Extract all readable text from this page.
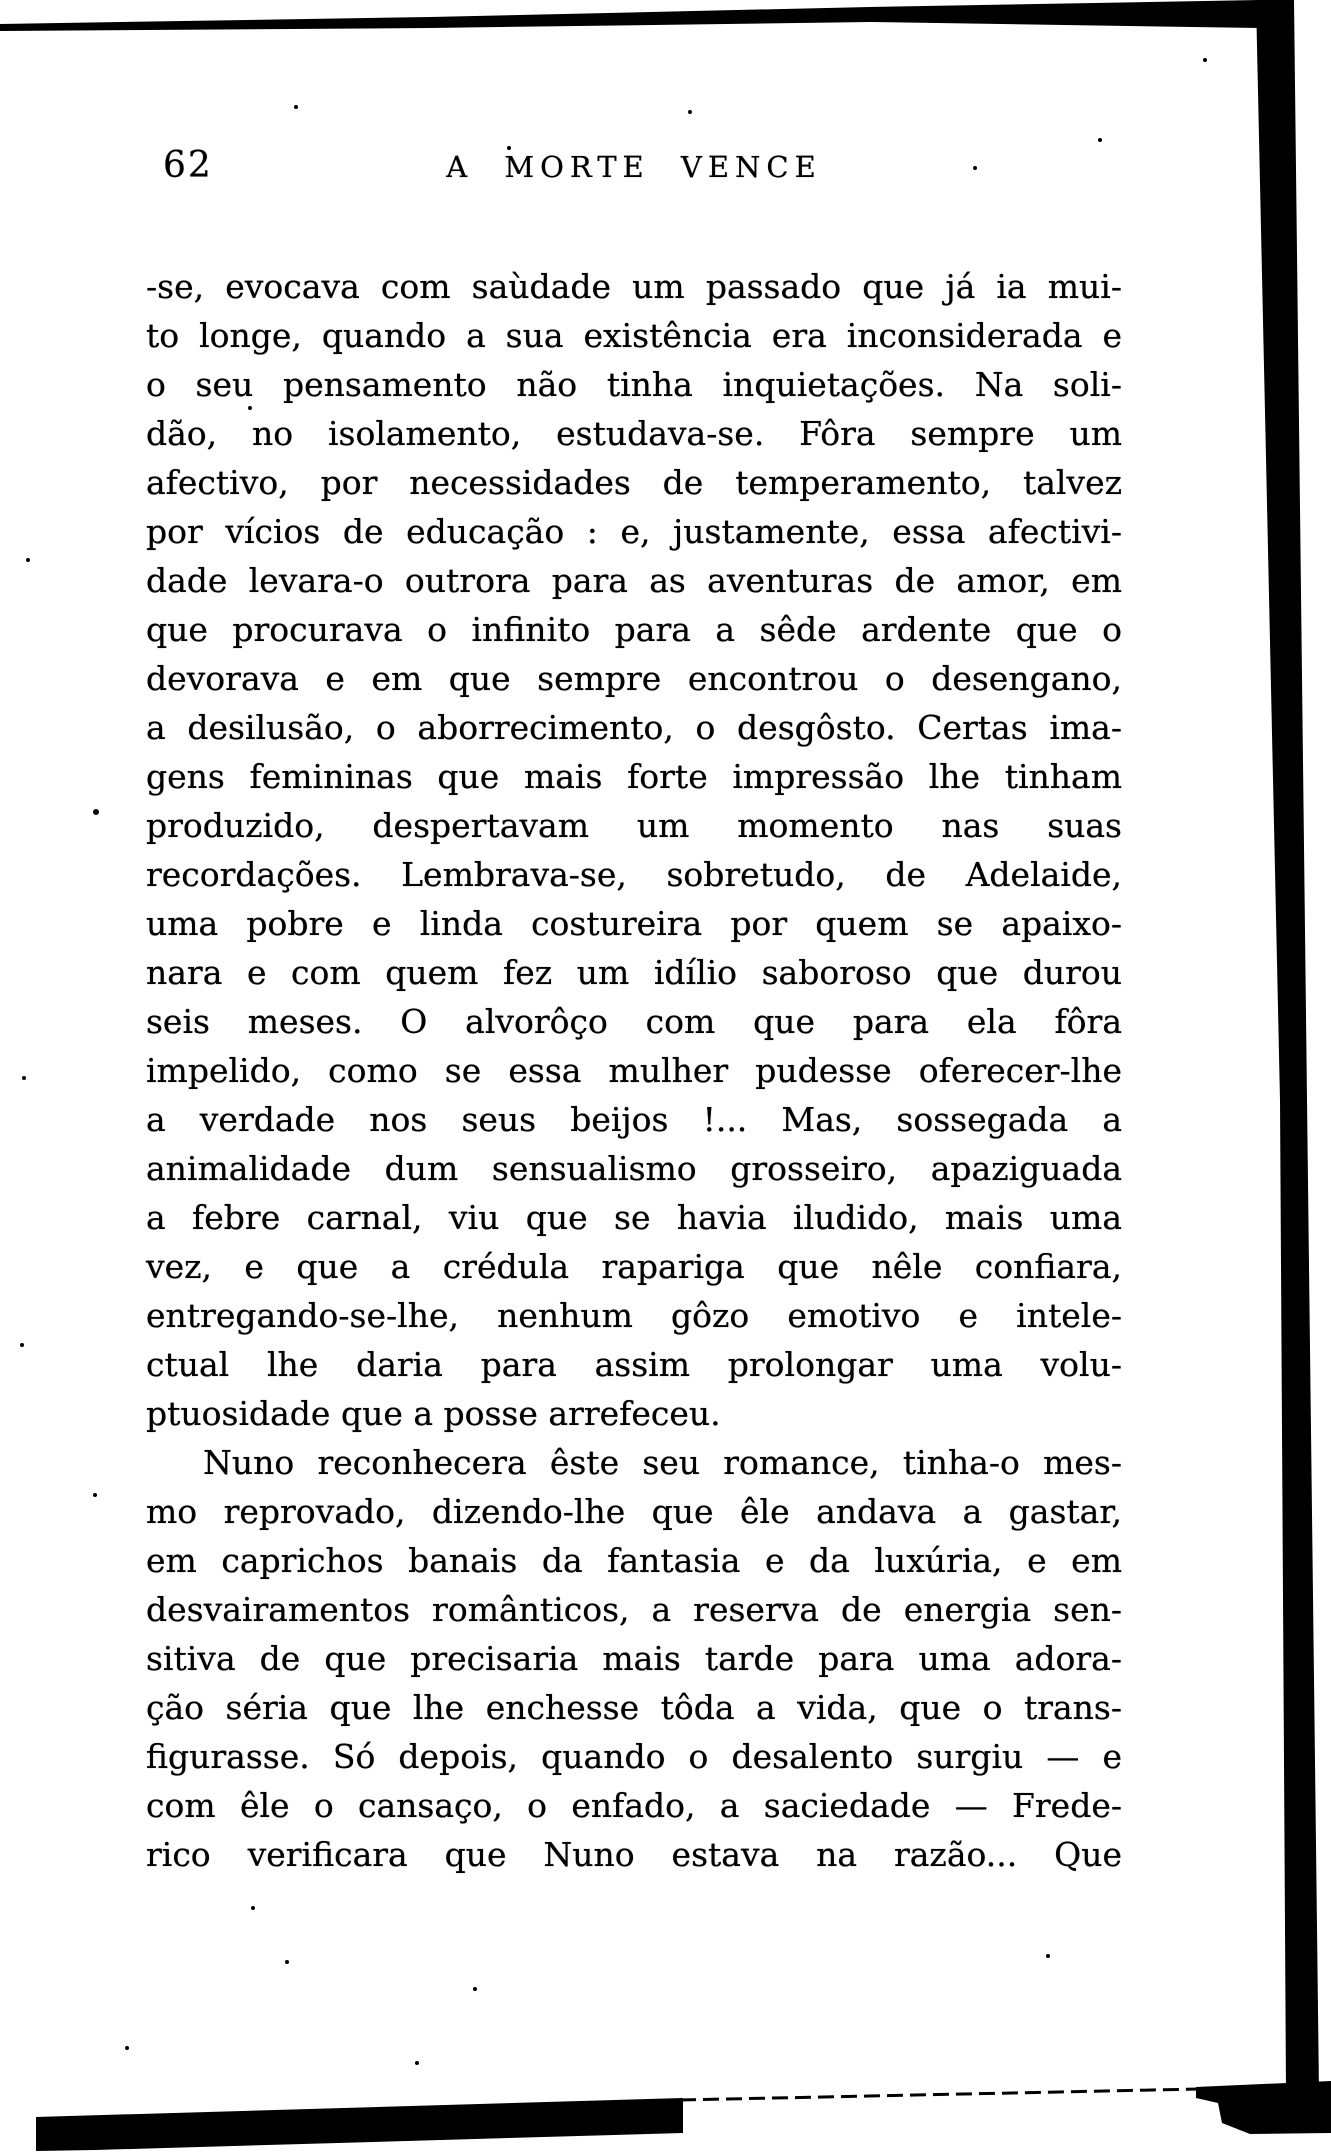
62	A MORTE VENCE
-se, evocava com saùdade um passado que já ia mui-
to longe, quando a sua existência era inconsiderada e
o seu pensamento não tinha inquietações. Na soli-
dão, no isolamento, estudava-se. Fôra sempre um
afectivo, por necessidades de temperamento, talvez
por vícios de educação : e, justamente, essa afectivi-
dade levara-o outrora para as aventuras de amor, em
que procurava o infinito para a sêde ardente que o
devorava e em que sempre encontrou o desengano,
a desilusão, o aborrecimento, o desgôsto. Certas ima-
gens femininas que mais forte impressão lhe tinham
produzido, despertavam um momento nas suas
recordações. Lembrava-se, sobretudo, de Adelaide,
uma pobre e linda costureira por quem se apaixo-
nara e com quem fez um idílio saboroso que durou
seis meses. O alvorôço com que para ela fôra
impelido, como se essa mulher pudesse oferecer-lhe
a verdade nos seus beijos !... Mas, sossegada a
animalidade dum sensualismo grosseiro, apaziguada
a febre carnal, viu que se havia iludido, mais uma
vez, e que a crédula rapariga que nêle confiara,
entregando-se-lhe, nenhum gôzo emotivo e intele-
ctual lhe daria para assim prolongar uma volu-
ptuosidade que a posse arrefeceu.
Nuno reconhecera êste seu romance, tinha-o mes-
mo reprovado, dizendo-lhe que êle andava a gastar,
em caprichos banais da fantasia e da luxúria, e em
desvairamentos românticos, a reserva de energia sen-
sitiva de que precisaria mais tarde para uma adora-
ção séria que lhe enchesse tôda a vida, que o trans-
figurasse. Só depois, quando o desalento surgiu — e
com êle o cansaço, o enfado, a saciedade — Frede-
rico verificara que Nuno estava na razão... Que
